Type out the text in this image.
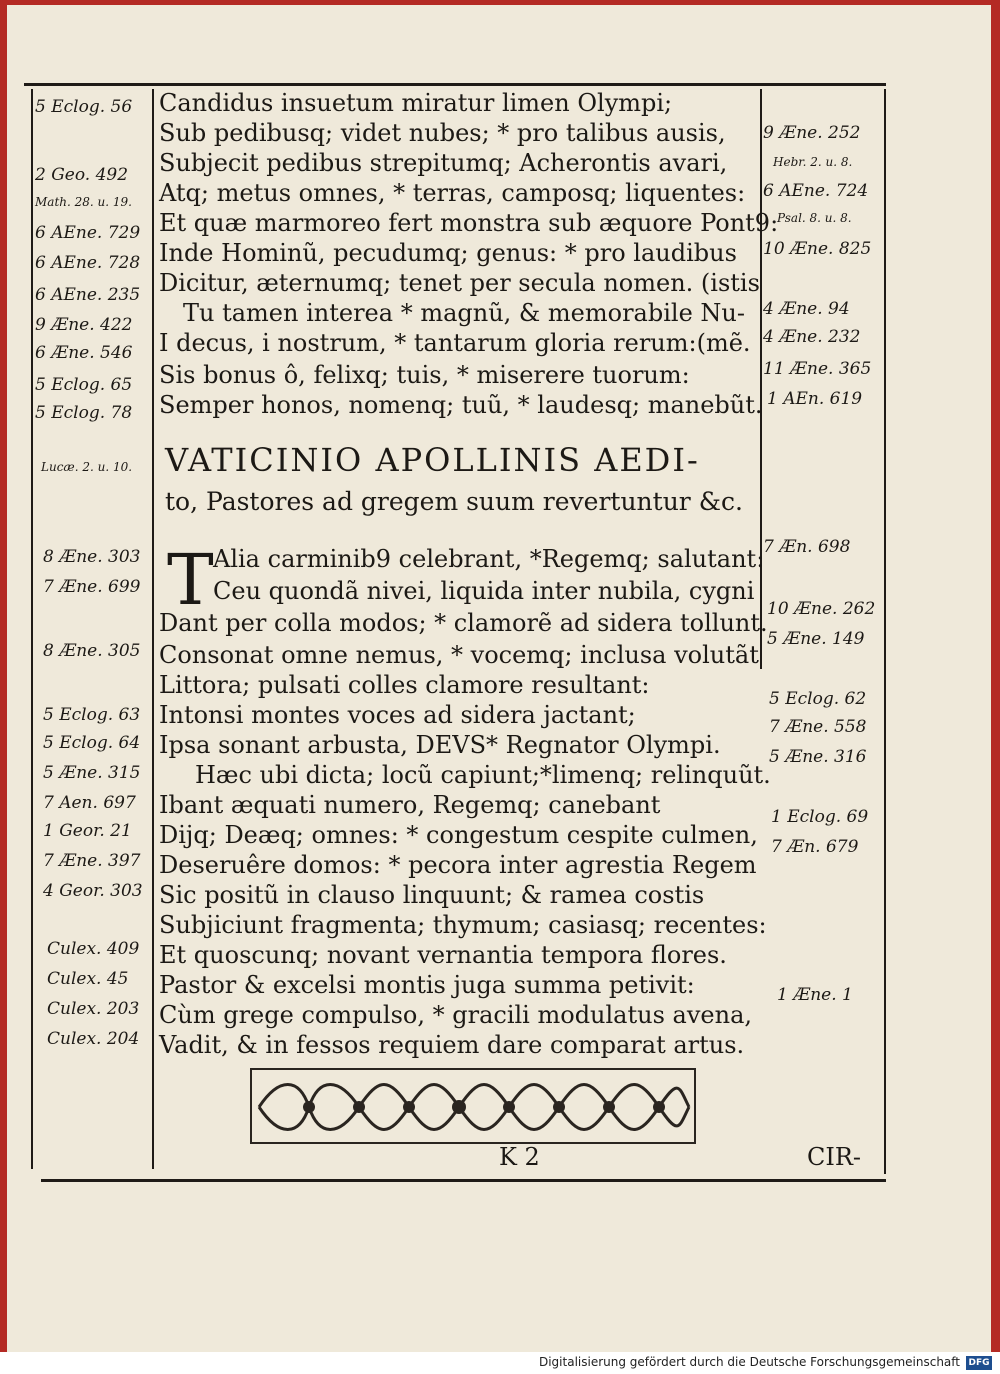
Candidus insuetum miratur limen Olympi;
Sub pedibusq; videt nubes; * pro talibus ausis,
Subjecit pedibus strepitumq; Acherontis avari,
Atq; metus omnes, * terras, camposq; liquentes:
Et quæ marmoreo fert monstra sub æquore Pont9:
Inde Hominũ, pecudumq; genus: * pro laudibus
Dicitur, æternumq; tenet per secula nomen. (istis
Tu tamen interea * magnũ, & memorabile Nu-
I decus, i nostrum, * tantarum gloria rerum:(mẽ.
Sis bonus ô, felixq; tuis, * miserere tuorum:
Semper honos, nomenq; tuũ, * laudesq; manebũt.
VATICINIO APOLLINIS AEDI-
to, Pastores ad gregem suum revertuntur &c.
T Alia carminib9 celebrant, *Regemq; salutant:
Ceu quondã nivei, liquida inter nubila, cygni
Dant per colla modos; * clamorẽ ad sidera tollunt.
Consonat omne nemus, * vocemq; inclusa volutãt
Littora; pulsati colles clamore resultant:
Intonsi montes voces ad sidera jactant;
Ipsa sonant arbusta, DEVS* Regnator Olympi.
Hæc ubi dicta; locũ capiunt;*limenq; relinquũt.
Ibant æquati numero, Regemq; canebant
Dijq; Deæq; omnes: * congestum cespite culmen,
Deseruêre domos: * pecora inter agrestia Regem
Sic positũ in clauso linquunt; & ramea costis
Subjiciunt fragmenta; thymum; casiasq; recentes:
Et quoscunq; novant vernantia tempora flores.
Pastor & excelsi montis juga summa petivit:
Cùm grege compulso, * gracili modulatus avena,
Vadit, & in fessos requiem dare comparat artus.
5 Eclog. 56
2 Geo. 492
Math. 28. u. 19.
6 AEne. 729
6 AEne. 728
6 AEne. 235
9 Æne. 422
6 Æne. 546
5 Eclog. 65
5 Eclog. 78
Lucæ. 2. u. 10.
8 Æne. 303
7 Æne. 699
8 Æne. 305
5 Eclog. 63
5 Eclog. 64
5 Æne. 315
7 Aen. 697
1 Geor. 21
7 Æne. 397
4 Geor. 303
Culex. 409
Culex. 45
Culex. 203
Culex. 204
9 Æne. 252
Hebr. 2. u. 8.
6 AEne. 724
Psal. 8. u. 8.
10 Æne. 825
4 Æne. 94
4 Æne. 232
11 Æne. 365
1 AEn. 619
7 Æn. 698
10 Æne. 262
5 Æne. 149
5 Eclog. 62
7 Æne. 558
5 Æne. 316
1 Eclog. 69
7 Æn. 679
1 Æne. 1
K 2	CIR-
Digitalisierung gefördert durch die Deutsche Forschungsgemeinschaft DFG
